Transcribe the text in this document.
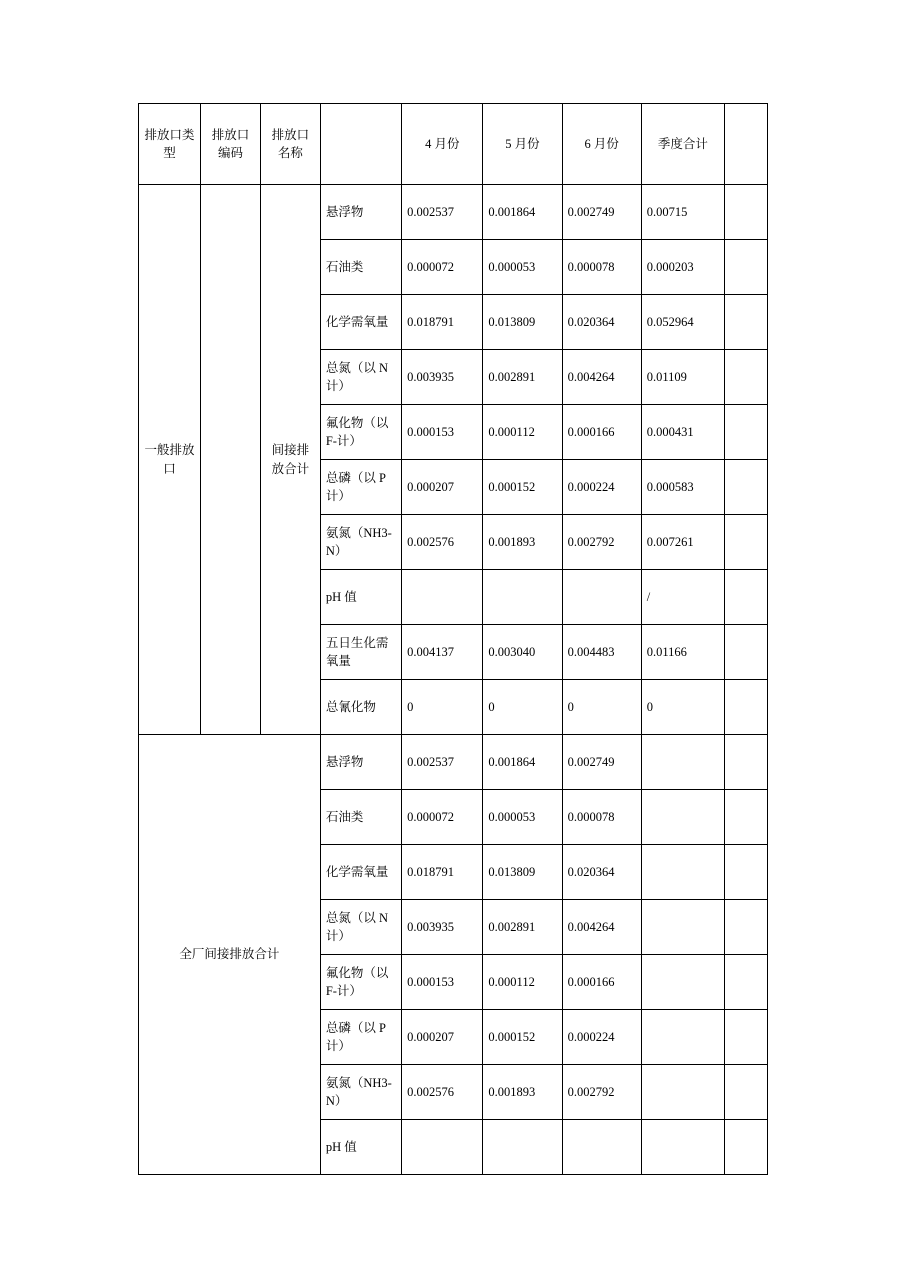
排放口类型	排放口编码	排放口名称		4 月份	5 月份	6 月份	季度合计	
一般排放口		间接排放合计	悬浮物	0.002537	0.001864	0.002749	0.00715	
			石油类	0.000072	0.000053	0.000078	0.000203	
			化学需氧量	0.018791	0.013809	0.020364	0.052964	
			总氮（以 N 计）	0.003935	0.002891	0.004264	0.01109	
			氟化物（以 F-计）	0.000153	0.000112	0.000166	0.000431	
			总磷（以 P 计）	0.000207	0.000152	0.000224	0.000583	
			氨氮（NH3-N）	0.002576	0.001893	0.002792	0.007261	
			pH 值				/	
			五日生化需氧量	0.004137	0.003040	0.004483	0.01166	
			总氰化物	0	0	0	0	
全厂间接排放合计			悬浮物	0.002537	0.001864	0.002749		
			石油类	0.000072	0.000053	0.000078		
			化学需氧量	0.018791	0.013809	0.020364		
			总氮（以 N 计）	0.003935	0.002891	0.004264		
			氟化物（以 F-计）	0.000153	0.000112	0.000166		
			总磷（以 P 计）	0.000207	0.000152	0.000224		
			氨氮（NH3-N）	0.002576	0.001893	0.002792		
			pH 值					
